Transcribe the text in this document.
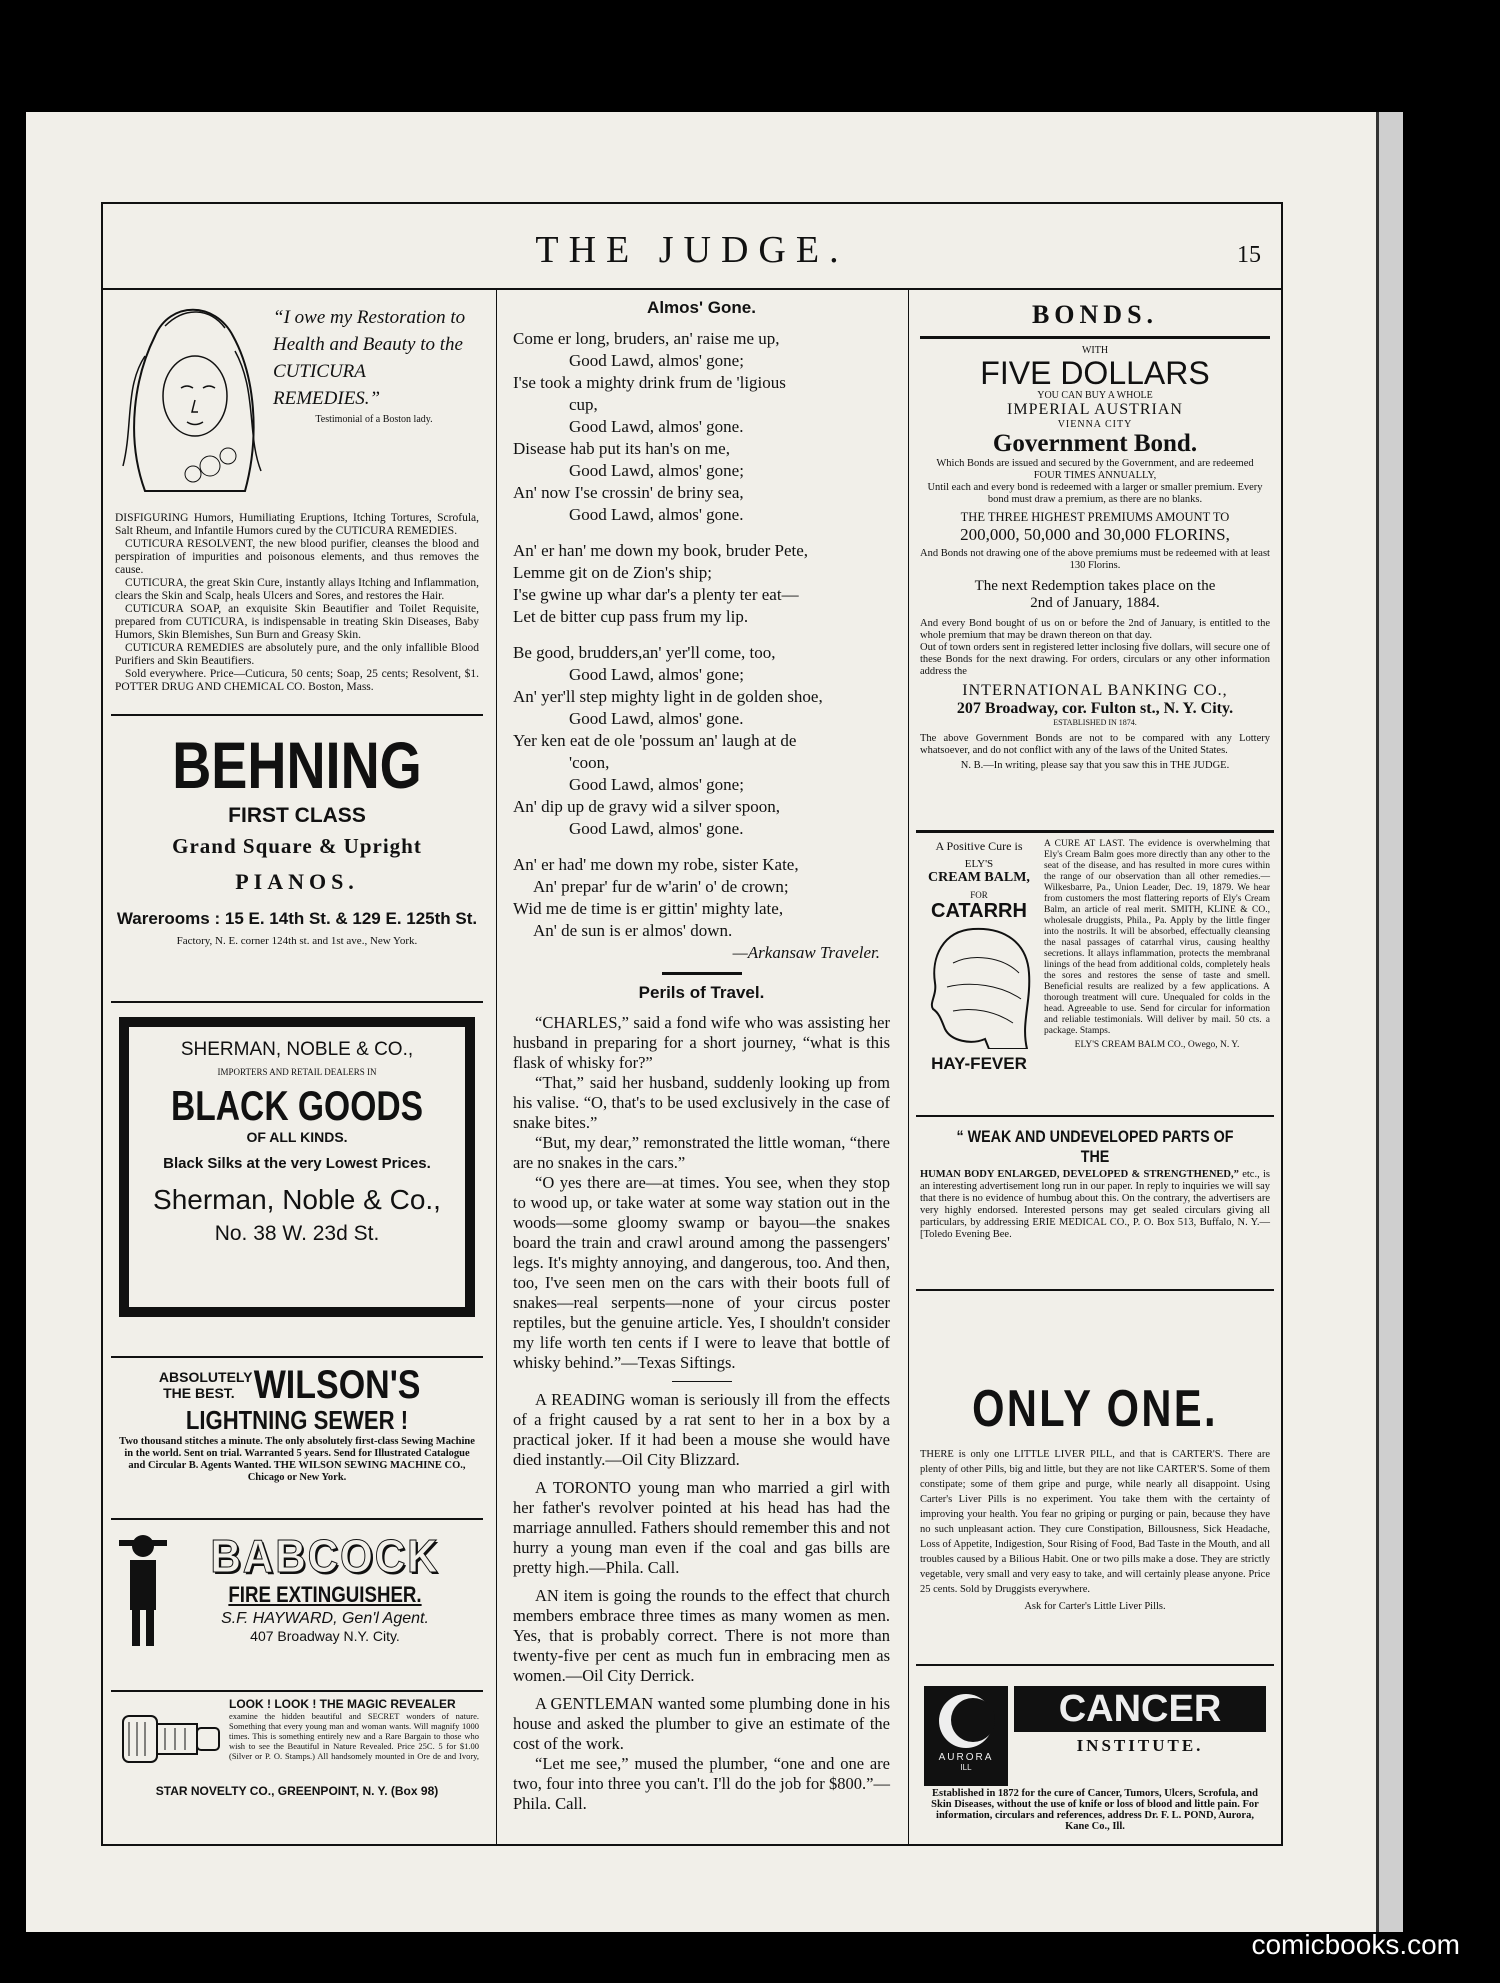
THE JUDGE.	15
“I owe my Restoration to Health and Beauty to the CUTICURA REMEDIES.”
Testimonial of a Boston lady.
DISFIGURING Humors, Humiliating Eruptions, Itching Tortures, Scrofula, Salt Rheum, and Infantile Humors cured by the CUTICURA REMEDIES.
CUTICURA RESOLVENT, the new blood purifier, cleanses the blood and perspiration of impurities and poisonous elements, and thus removes the cause.
CUTICURA, the great Skin Cure, instantly allays Itching and Inflammation, clears the Skin and Scalp, heals Ulcers and Sores, and restores the Hair.
CUTICURA SOAP, an exquisite Skin Beautifier and Toilet Requisite, prepared from CUTICURA, is indispensable in treating Skin Diseases, Baby Humors, Skin Blemishes, Sun Burn and Greasy Skin.
CUTICURA REMEDIES are absolutely pure, and the only infallible Blood Purifiers and Skin Beautifiers.
Sold everywhere. Price—Cuticura, 50 cents; Soap, 25 cents; Resolvent, $1. POTTER DRUG AND CHEMICAL CO. Boston, Mass.
BEHNING
FIRST CLASS
Grand Square & Upright
PIANOS.
Warerooms : 15 E. 14th St. & 129 E. 125th St.
Factory, N. E. corner 124th st. and 1st ave., New York.
SHERMAN, NOBLE & CO.,
IMPORTERS AND RETAIL DEALERS IN
BLACK GOODS
OF ALL KINDS.
Black Silks at the very Lowest Prices.
Sherman, Noble & Co.,
No. 38 W. 23d St.
ABSOLUTELY THE BEST. WILSON'S
LIGHTNING SEWER !
Two thousand stitches a minute. The only absolutely first-class Sewing Machine in the world. Sent on trial. Warranted 5 years. Send for Illustrated Catalogue and Circular B. Agents Wanted. THE WILSON SEWING MACHINE CO., Chicago or New York.
BABCOCK
FIRE EXTINGUISHER.
S.F. HAYWARD, Gen'l Agent.
407 Broadway N.Y. City.
LOOK ! LOOK ! THE MAGIC REVEALER
examine the hidden beautiful and SECRET wonders of nature. Something that every young man and woman wants. Will magnify 1000 times. This is something entirely new and a Rare Bargain to those who wish to see the Beautiful in Nature Revealed. Price 25C. 5 for $1.00 (Silver or P. O. Stamps.) All handsomely mounted in Ore de and Ivory,
STAR NOVELTY CO., GREENPOINT, N. Y. (Box 98)
Almos' Gone.
Come er long, bruders, an' raise me up,
Good Lawd, almos' gone;
I'se took a mighty drink frum de 'ligious
cup,
Good Lawd, almos' gone.
Disease hab put its han's on me,
Good Lawd, almos' gone;
An' now I'se crossin' de briny sea,
Good Lawd, almos' gone.
An' er han' me down my book, bruder Pete,
Lemme git on de Zion's ship;
I'se gwine up whar dar's a plenty ter eat—
Let de bitter cup pass frum my lip.
Be good, brudders,an' yer'll come, too,
Good Lawd, almos' gone;
An' yer'll step mighty light in de golden shoe,
Good Lawd, almos' gone.
Yer ken eat de ole 'possum an' laugh at de
'coon,
Good Lawd, almos' gone;
An' dip up de gravy wid a silver spoon,
Good Lawd, almos' gone.
An' er had' me down my robe, sister Kate,
An' prepar' fur de w'arin' o' de crown;
Wid me de time is er gittin' mighty late,
An' de sun is er almos' down.
—Arkansaw Traveler.
Perils of Travel.

“CHARLES,” said a fond wife who was assisting her husband in preparing for a short journey, “what is this flask of whisky for?”

“That,” said her husband, suddenly looking up from his valise. “O, that's to be used exclusively in the case of snake bites.”

“But, my dear,” remonstrated the little woman, “there are no snakes in the cars.”

“O yes there are—at times. You see, when they stop to wood up, or take water at some way station out in the woods—some gloomy swamp or bayou—the snakes board the train and crawl around among the passengers' legs. It's mighty annoying, and dangerous, too. And then, too, I've seen men on the cars with their boots full of snakes—real serpents—none of your circus poster reptiles, but the genuine article. Yes, I shouldn't consider my life worth ten cents if I were to leave that bottle of whisky behind.”—Texas Siftings.

A READING woman is seriously ill from the effects of a fright caused by a rat sent to her in a box by a practical joker. If it had been a mouse she would have died instantly.—Oil City Blizzard.

A TORONTO young man who married a girl with her father's revolver pointed at his head has had the marriage annulled. Fathers should remember this and not hurry a young man even if the coal and gas bills are pretty high.—Phila. Call.

AN item is going the rounds to the effect that church members embrace three times as many women as men. Yes, that is probably correct. There is not more than twenty-five per cent as much fun in embracing men as women.—Oil City Derrick.

A GENTLEMAN wanted some plumbing done in his house and asked the plumber to give an estimate of the cost of the work.

“Let me see,” mused the plumber, “one and one are two, four into three you can't. I'll do the job for $800.”—Phila. Call.

BONDS.
WITH
FIVE DOLLARS
YOU CAN BUY A WHOLE
IMPERIAL AUSTRIAN
VIENNA CITY
Government Bond.
Which Bonds are issued and secured by the Government, and are redeemed
FOUR TIMES ANNUALLY,
Until each and every bond is redeemed with a larger or smaller premium. Every bond must draw a premium, as there are no blanks.
THE THREE HIGHEST PREMIUMS AMOUNT TO
200,000, 50,000 and 30,000 FLORINS,
And Bonds not drawing one of the above premiums must be redeemed with at least 130 Florins.
The next Redemption takes place on the
2nd of January, 1884.
And every Bond bought of us on or before the 2nd of January, is entitled to the whole premium that may be drawn thereon on that day.
Out of town orders sent in registered letter inclosing five dollars, will secure one of these Bonds for the next drawing. For orders, circulars or any other information address the
INTERNATIONAL BANKING CO.,
207 Broadway, cor. Fulton st., N. Y. City.
ESTABLISHED IN 1874.
The above Government Bonds are not to be compared with any Lottery whatsoever, and do not conflict with any of the laws of the United States.
N. B.—In writing, please say that you saw this in THE JUDGE.
A Positive Cure is
ELY'S
CREAM BALM,
FOR
CATARRH
HAY-FEVER
A CURE AT LAST. The evidence is overwhelming that Ely's Cream Balm goes more directly than any other to the seat of the disease, and has resulted in more cures within the range of our observation than all other remedies.—Wilkesbarre, Pa., Union Leader, Dec. 19, 1879. We hear from customers the most flattering reports of Ely's Cream Balm, an article of real merit. SMITH, KLINE & CO., wholesale druggists, Phila., Pa. Apply by the little finger into the nostrils. It will be absorbed, effectually cleansing the nasal passages of catarrhal virus, causing healthy secretions. It allays inflammation, protects the membranal linings of the head from additional colds, completely heals the sores and restores the sense of taste and smell. Beneficial results are realized by a few applications. A thorough treatment will cure. Unequaled for colds in the head. Agreeable to use. Send for circular for information and reliable testimonials. Will deliver by mail. 50 cts. a package. Stamps.
ELY'S CREAM BALM CO., Owego, N. Y.
“ WEAK AND UNDEVELOPED PARTS OF THE
HUMAN BODY ENLARGED, DEVELOPED & STRENGTHENED,” etc., is an interesting advertisement long run in our paper. In reply to inquiries we will say that there is no evidence of humbug about this. On the contrary, the advertisers are very highly endorsed. Interested persons may get sealed circulars giving all particulars, by addressing ERIE MEDICAL CO., P. O. Box 513, Buffalo, N. Y.—[Toledo Evening Bee.
ONLY ONE.
THERE is only one LITTLE LIVER PILL, and that is CARTER'S. There are plenty of other Pills, big and little, but they are not like CARTER'S. Some of them constipate; some of them gripe and purge, while nearly all disappoint. Using Carter's Liver Pills is no experiment. You take them with the certainty of improving your health. You fear no griping or purging or pain, because they have no such unpleasant action. They cure Constipation, Billousness, Sick Headache, Loss of Appetite, Indigestion, Sour Rising of Food, Bad Taste in the Mouth, and all troubles caused by a Bilious Habit. One or two pills make a dose. They are strictly vegetable, very small and very easy to take, and will certainly please anyone. Price 25 cents. Sold by Druggists everywhere.
Ask for Carter's Little Liver Pills.
AURORA
ILL
CANCER
INSTITUTE.
Established in 1872 for the cure of Cancer, Tumors, Ulcers, Scrofula, and Skin Diseases, without the use of knife or loss of blood and little pain. For information, circulars and references, address Dr. F. L. POND, Aurora, Kane Co., Ill.
comicbooks.com
